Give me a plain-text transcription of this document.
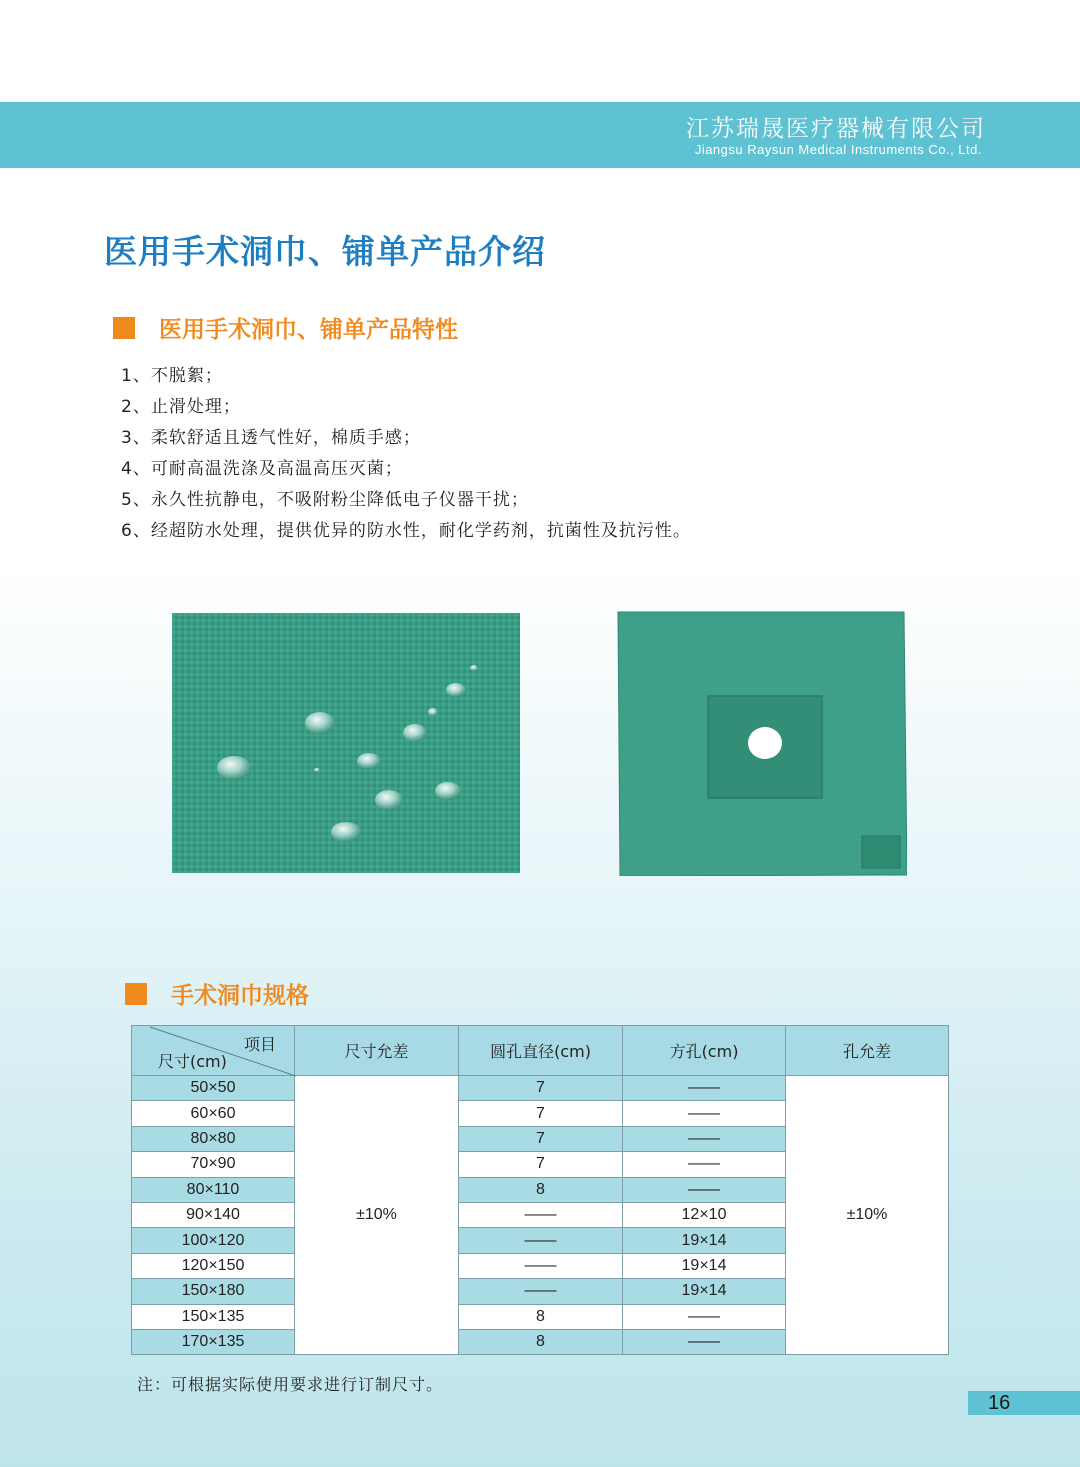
江苏瑞晟医疗器械有限公司
Jiangsu Raysun Medical Instruments Co., Ltd.
医用手术洞巾、铺单产品介绍
医用手术洞巾、铺单产品特性
1、不脱絮；
2、止滑处理；
3、柔软舒适且透气性好，棉质手感；
4、可耐高温洗涤及高温高压灭菌；
5、永久性抗静电，不吸附粉尘降低电子仪器干扰；
6、经超防水处理，提供优异的防水性，耐化学药剂，抗菌性及抗污性。
手术洞巾规格
项目
尺寸(cm)	尺寸允差	圆孔直径(cm)	方孔(cm)	孔允差
50×50	±10%	7	——	±10%
60×60		7	——	
80×80		7	——	
70×90		7	——	
80×110		8	——	
90×140		——	12×10	
100×120		——	19×14	
120×150		——	19×14	
150×180		——	19×14	
150×135		8	——	
170×135		8	——	
注：可根据实际使用要求进行订制尺寸。
16
